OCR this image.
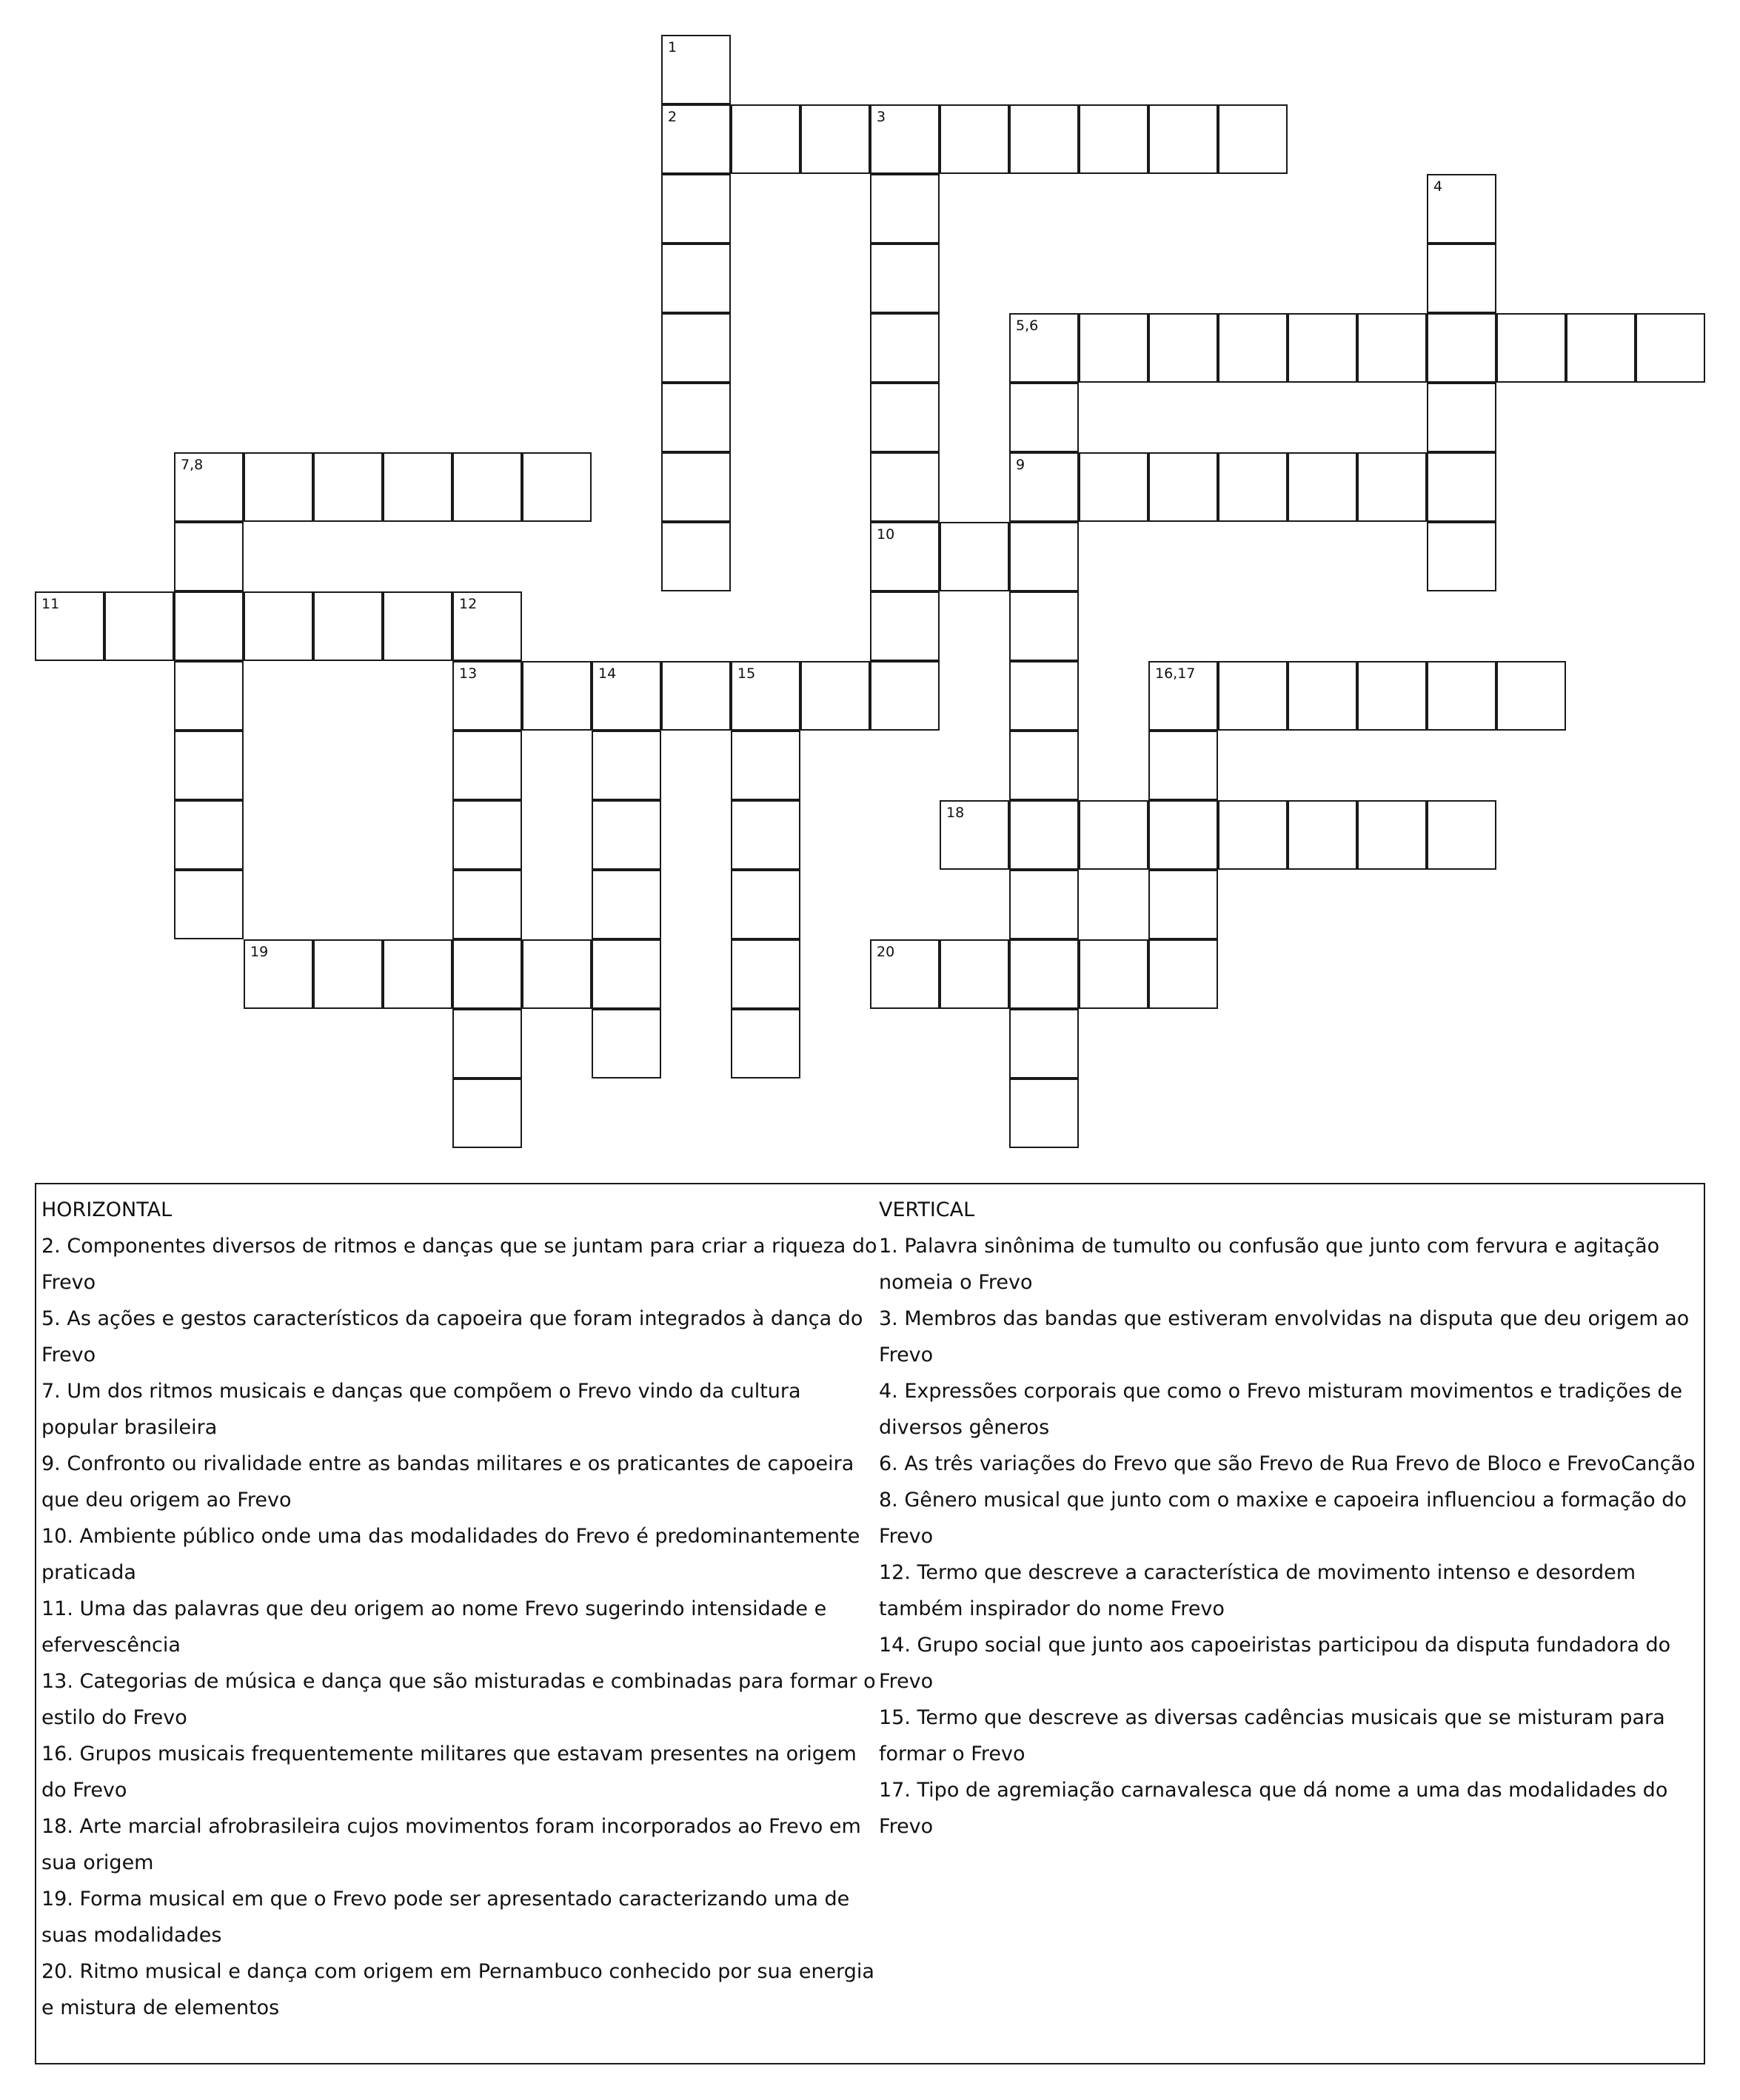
1
2	3
10
4
5,6
9
7,8
11	12
13	14	15	16,17
18
19	20
HORIZONTAL
2. Componentes diversos de ritmos e danças que se juntam para criar a riqueza do Frevo
5. As ações e gestos característicos da capoeira que foram integrados à dança do Frevo
7. Um dos ritmos musicais e danças que compõem o Frevo vindo da cultura popular brasileira
9. Confronto ou rivalidade entre as bandas militares e os praticantes de capoeira que deu origem ao Frevo
10. Ambiente público onde uma das modalidades do Frevo é predominantemente praticada
11. Uma das palavras que deu origem ao nome Frevo sugerindo intensidade e efervescência
13. Categorias de música e dança que são misturadas e combinadas para formar o estilo do Frevo
16. Grupos musicais frequentemente militares que estavam presentes na origem do Frevo
18. Arte marcial afrobrasileira cujos movimentos foram incorporados ao Frevo em sua origem
19. Forma musical em que o Frevo pode ser apresentado caracterizando uma de suas modalidades
20. Ritmo musical e dança com origem em Pernambuco conhecido por sua energia e mistura de elementos
VERTICAL
1. Palavra sinônima de tumulto ou confusão que junto com fervura e agitação nomeia o Frevo
3. Membros das bandas que estiveram envolvidas na disputa que deu origem ao Frevo
4. Expressões corporais que como o Frevo misturam movimentos e tradições de diversos gêneros
6. As três variações do Frevo que são Frevo de Rua Frevo de Bloco e FrevoCanção
8. Gênero musical que junto com o maxixe e capoeira influenciou a formação do Frevo
12. Termo que descreve a característica de movimento intenso e desordem também inspirador do nome Frevo
14. Grupo social que junto aos capoeiristas participou da disputa fundadora do Frevo
15. Termo que descreve as diversas cadências musicais que se misturam para formar o Frevo
17. Tipo de agremiação carnavalesca que dá nome a uma das modalidades do Frevo
